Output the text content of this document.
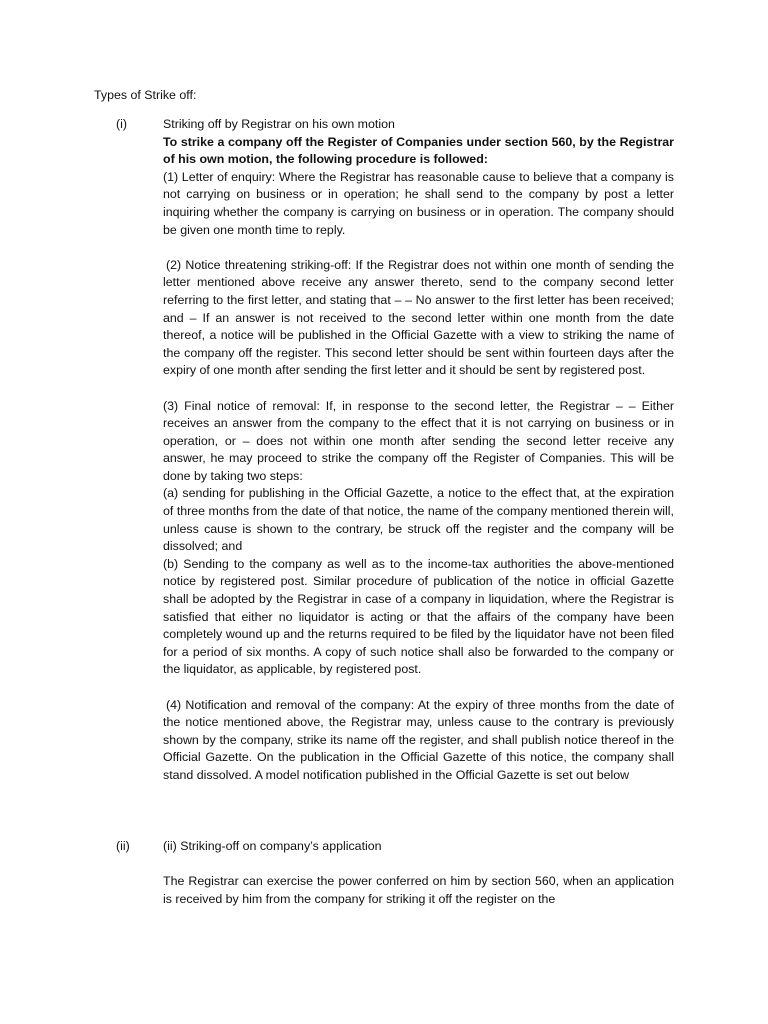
Types of Strike off:
(i)	Striking off by Registrar on his own motion

To strike a company off the Register of Companies under section 560, by the Registrar of his own motion, the following procedure is followed:

(1) Letter of enquiry: Where the Registrar has reasonable cause to believe that a company is not carrying on business or in operation; he shall send to the company by post a letter inquiring whether the company is carrying on business or in operation. The company should be given one month time to reply.

(2) Notice threatening striking-off: If the Registrar does not within one month of sending the letter mentioned above receive any answer thereto, send to the company second letter referring to the first letter, and stating that – – No answer to the first letter has been received; and – If an answer is not received to the second letter within one month from the date thereof, a notice will be published in the Official Gazette with a view to striking the name of the company off the register. This second letter should be sent within fourteen days after the expiry of one month after sending the first letter and it should be sent by registered post.

(3) Final notice of removal: If, in response to the second letter, the Registrar – – Either receives an answer from the company to the effect that it is not carrying on business or in operation, or – does not within one month after sending the second letter receive any answer, he may proceed to strike the company off the Register of Companies. This will be done by taking two steps:

(a) sending for publishing in the Official Gazette, a notice to the effect that, at the expiration of three months from the date of that notice, the name of the company mentioned therein will, unless cause is shown to the contrary, be struck off the register and the company will be dissolved; and

(b) Sending to the company as well as to the income-tax authorities the above-mentioned notice by registered post. Similar procedure of publication of the notice in official Gazette shall be adopted by the Registrar in case of a company in liquidation, where the Registrar is satisfied that either no liquidator is acting or that the affairs of the company have been completely wound up and the returns required to be filed by the liquidator have not been filed for a period of six months. A copy of such notice shall also be forwarded to the company or the liquidator, as applicable, by registered post.

(4) Notification and removal of the company: At the expiry of three months from the date of the notice mentioned above, the Registrar may, unless cause to the contrary is previously shown by the company, strike its name off the register, and shall publish notice thereof in the Official Gazette. On the publication in the Official Gazette of this notice, the company shall stand dissolved. A model notification published in the Official Gazette is set out below

(ii)	(ii) Striking-off on company’s application

The Registrar can exercise the power conferred on him by section 560, when an application is received by him from the company for striking it off the register on the
